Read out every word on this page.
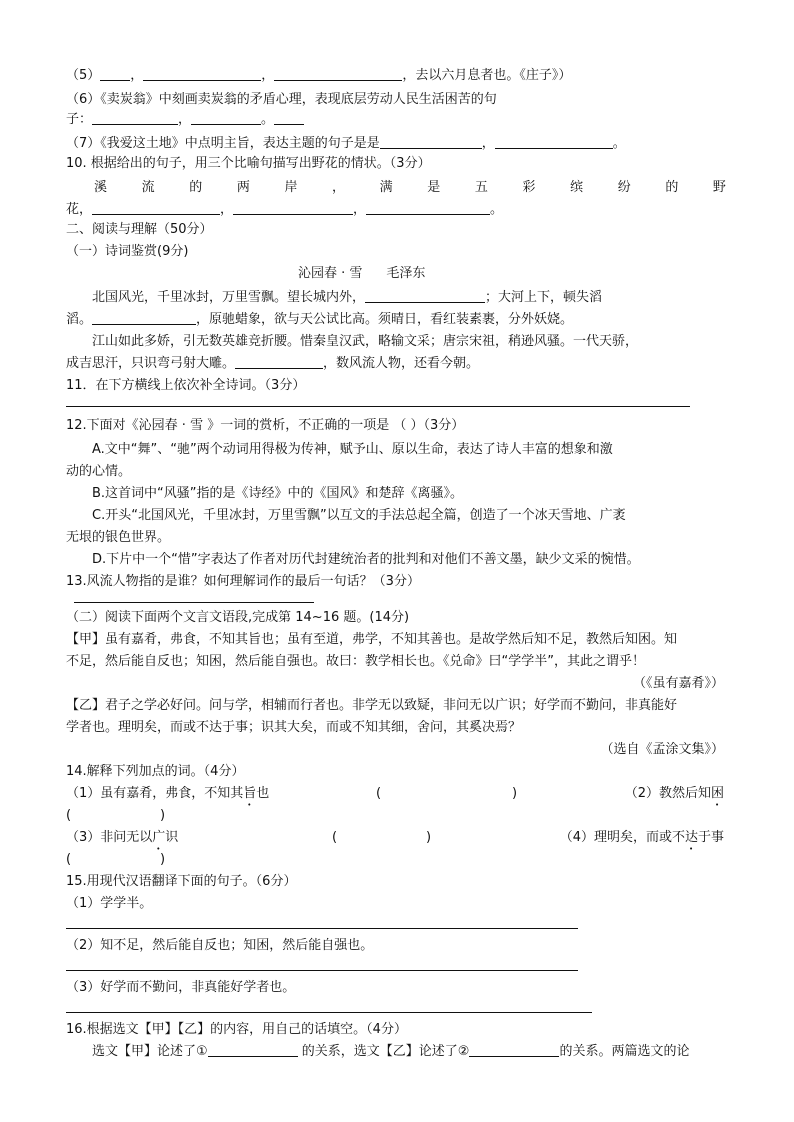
（5） ，	，	，去以六月息者也。《庄子》）
（6）《卖炭翁》中刻画卖炭翁的矛盾心理，表现底层劳动人民生活困苦的句
子：	，	。
（7）《我爱这土地》中点明主旨，表达主题的句子是是	，	。
10. 根据给出的句子，用三个比喻句描写出野花的情状。（3分）
溪	流	的	两	岸	，	满	是	五	彩	缤	纷	的	野
花，	，	，	。
二、阅读与理解（50分）
（一）诗词鉴赏(9分)
沁园春 · 雪 毛泽东
北国风光，千里冰封，万里雪飘。望长城内外，	；大河上下，顿失滔
滔。	，原驰蜡象，欲与天公试比高。须晴日，看红装素裹，分外妖娆。
江山如此多娇，引无数英雄竞折腰。惜秦皇汉武，略输文采；唐宗宋祖，稍逊风骚。一代天骄，
成吉思汗，只识弯弓射大雕。	，数风流人物，还看今朝。
11．在下方横线上依次补全诗词。（3分）
12.下面对《沁园春 · 雪 》一词的赏析，不正确的一项是 （ ）（3分）
A.文中“舞”、“驰”两个动词用得极为传神，赋予山、原以生命，表达了诗人丰富的想象和激
动的心情。
B.这首词中“风骚”指的是《诗经》中的《国风》和楚辞《离骚》。
C.开头“北国风光，千里冰封，万里雪飘”以互文的手法总起全篇，创造了一个冰天雪地、广袤
无垠的银色世界。
D.下片中一个“惜”字表达了作者对历代封建统治者的批判和对他们不善文墨，缺少文采的惋惜。
13.风流人物指的是谁？如何理解词作的最后一句话？（3分）
（二）阅读下面两个文言文语段,完成第 14~16 题。(14分)
【甲】虽有嘉肴，弗食，不知其旨也；虽有至道，弗学，不知其善也。是故学然后知不足，教然后知困。知
不足，然后能自反也；知困，然后能自强也。故曰：教学相长也。《兑命》曰“学学半”，其此之谓乎！
（《虽有嘉肴》）
【乙】君子之学必好问。问与学，相辅而行者也。非学无以致疑，非问无以广识；好学而不勤问，非真能好
学者也。理明矣，而或不达于事；识其大矣，而或不知其细，舍问，其奚决焉？
（选自《孟涂文集》）
14.解释下列加点的词。（4分）
（1）虽有嘉肴，弗食，不知其旨也	(	)	（2）教然后知困
(	)
（3）非问无以广识	(	)	（4）理明矣，而或不达于事
(	)
15.用现代汉语翻译下面的句子。（6分）
（1）学学半。
（2）知不足，然后能自反也；知困，然后能自强也。
（3）好学而不勤问，非真能好学者也。
16.根据选文【甲】【乙】的内容，用自己的话填空。（4分）
选文【甲】论述了①	的关系，选文【乙】论述了②	的关系。两篇选文的论
